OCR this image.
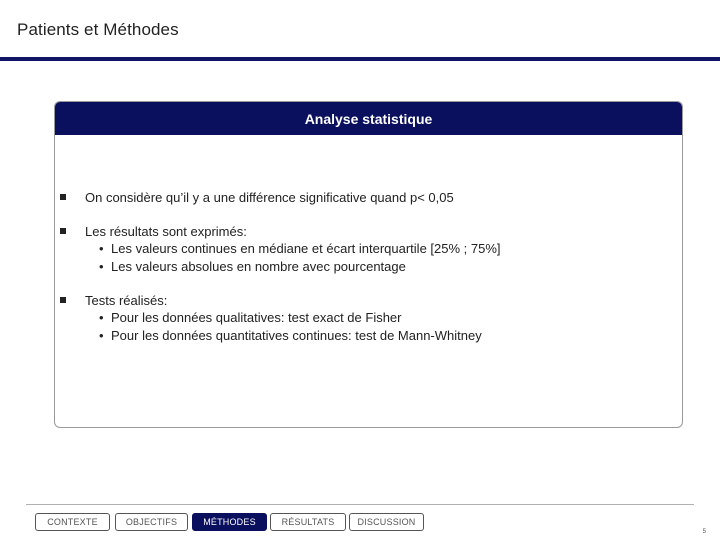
Patients et Méthodes
Analyse statistique
On considère qu’il y a une différence significative quand p< 0,05
Les résultats sont exprimés:
• Les valeurs continues en médiane et écart interquartile [25% ; 75%]
• Les valeurs absolues en nombre avec pourcentage
Tests réalisés:
• Pour les données qualitatives: test exact de Fisher
• Pour les données quantitatives continues: test de Mann-Whitney
CONTEXTE	OBJECTIFS	MÉTHODES	RÉSULTATS	DISCUSSION
5
